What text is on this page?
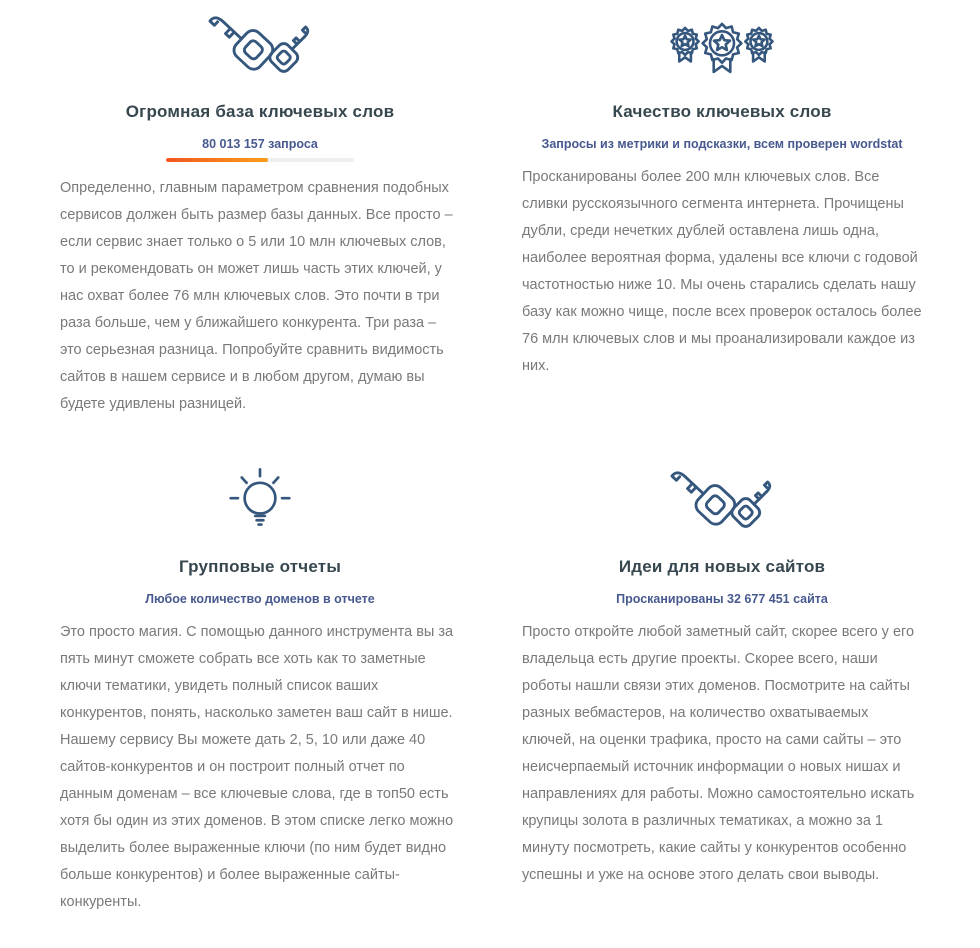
Огромная база ключевых слов
80 013 157 запроса

Определенно, главным параметром сравнения подобных сервисов должен быть размер базы данных. Все просто – если сервис знает только о 5 или 10 млн ключевых слов, то и рекомендовать он может лишь часть этих ключей, у нас охват более 76 млн ключевых слов. Это почти в три раза больше, чем у ближайшего конкурента. Три раза – это серьезная разница. Попробуйте сравнить видимость сайтов в нашем сервисе и в любом другом, думаю вы будете удивлены разницей.

Качество ключевых слов
Запросы из метрики и подсказки, всем проверен wordstat

Просканированы более 200 млн ключевых слов. Все сливки русскоязычного сегмента интернета. Прочищены дубли, среди нечетких дублей оставлена лишь одна, наиболее вероятная форма, удалены все ключи с годовой частотностью ниже 10. Мы очень старались сделать нашу базу как можно чище, после всех проверок осталось более 76 млн ключевых слов и мы проанализировали каждое из них.

Групповые отчеты
Любое количество доменов в отчете

Это просто магия. С помощью данного инструмента вы за пять минут сможете собрать все хоть как то заметные ключи тематики, увидеть полный список ваших конкурентов, понять, насколько заметен ваш сайт в нише. Нашему сервису Вы можете дать 2, 5, 10 или даже 40 сайтов-конкурентов и он построит полный отчет по данным доменам – все ключевые слова, где в топ50 есть хотя бы один из этих доменов. В этом списке легко можно выделить более выраженные ключи (по ним будет видно больше конкурентов) и более выраженные сайты-конкуренты.

Идеи для новых сайтов
Просканированы 32 677 451 сайта

Просто откройте любой заметный сайт, скорее всего у его владельца есть другие проекты. Скорее всего, наши роботы нашли связи этих доменов. Посмотрите на сайты разных вебмастеров, на количество охватываемых ключей, на оценки трафика, просто на сами сайты – это неисчерпаемый источник информации о новых нишах и направлениях для работы. Можно самостоятельно искать крупицы золота в различных тематиках, а можно за 1 минуту посмотреть, какие сайты у конкурентов особенно успешны и уже на основе этого делать свои выводы.
